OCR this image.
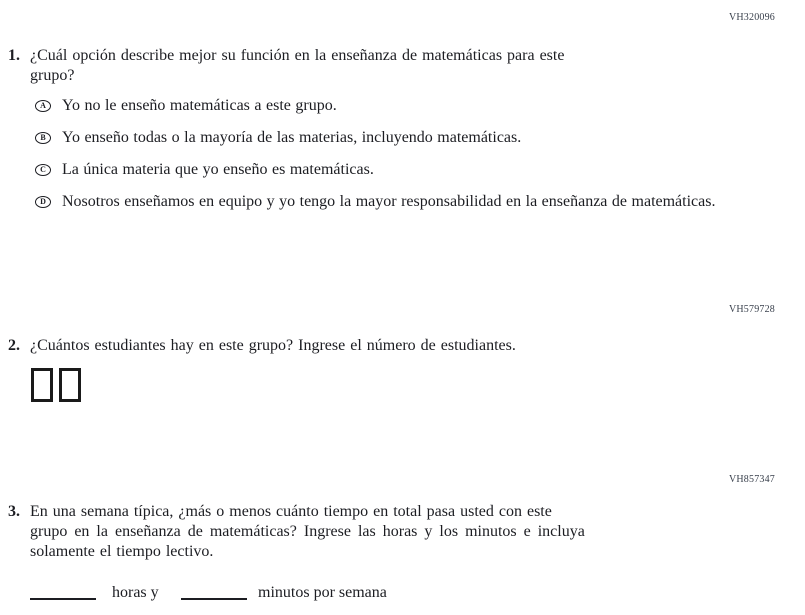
VH320096
1. ¿Cuál opción describe mejor su función en la enseñanza de matemáticas para este
grupo?
A	Yo no le enseño matemáticas a este grupo.
B	Yo enseño todas o la mayoría de las materias, incluyendo matemáticas.
C	La única materia que yo enseño es matemáticas.
D	Nosotros enseñamos en equipo y yo tengo la mayor responsabilidad en la enseñanza de matemáticas.
VH579728
2. ¿Cuántos estudiantes hay en este grupo? Ingrese el número de estudiantes.
VH857347
3. En una semana típica, ¿más o menos cuánto tiempo en total pasa usted con este
grupo en la enseñanza de matemáticas? Ingrese las horas y los minutos e incluya
solamente el tiempo lectivo.
horas y	minutos por semana
